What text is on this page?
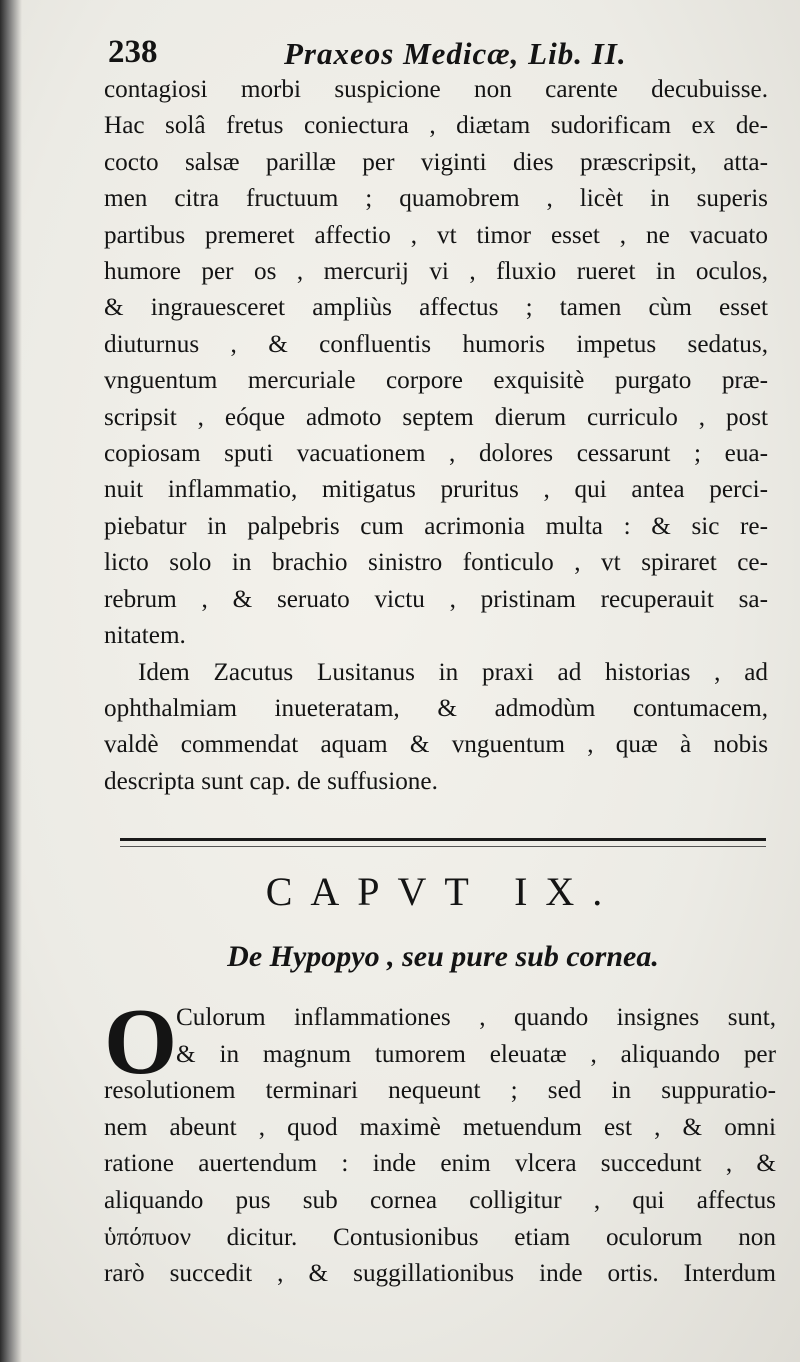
238	Praxeos Medicæ, Lib. II.
contagiosi morbi suspicione non carente decubuisse.
Hac solâ fretus coniectura , diætam sudorificam ex de-
cocto salsæ parillæ per viginti dies præscripsit, atta-
men citra fructuum ; quamobrem , licèt in superis
partibus premeret affectio , vt timor esset , ne vacuato
humore per os , mercurij vi , fluxio rueret in oculos,
& ingrauesceret ampliùs affectus ; tamen cùm esset
diuturnus , & confluentis humoris impetus sedatus,
vnguentum mercuriale corpore exquisitè purgato præ-
scripsit , eóque admoto septem dierum curriculo , post
copiosam sputi vacuationem , dolores cessarunt ; eua-
nuit inflammatio, mitigatus pruritus , qui antea perci-
piebatur in palpebris cum acrimonia multa : & sic re-
licto solo in brachio sinistro fonticulo , vt spiraret ce-
rebrum , & seruato victu , pristinam recuperauit sa-
nitatem.
Idem Zacutus Lusitanus in praxi ad historias , ad
ophthalmiam inueteratam, & admodùm contumacem,
valdè commendat aquam & vnguentum , quæ à nobis
descripta sunt cap. de suffusione.
CAPVT IX.
De Hypopyo , seu pure sub cornea.
O
Culorum inflammationes , quando insignes sunt,
& in magnum tumorem eleuatæ , aliquando per
resolutionem terminari nequeunt ; sed in suppuratio-
nem abeunt , quod maximè metuendum est , & omni
ratione auertendum : inde enim vlcera succedunt , &
aliquando pus sub cornea colligitur , qui affectus
ὑπόπυον dicitur. Contusionibus etiam oculorum non
rarò succedit , & suggillationibus inde ortis. Interdum
